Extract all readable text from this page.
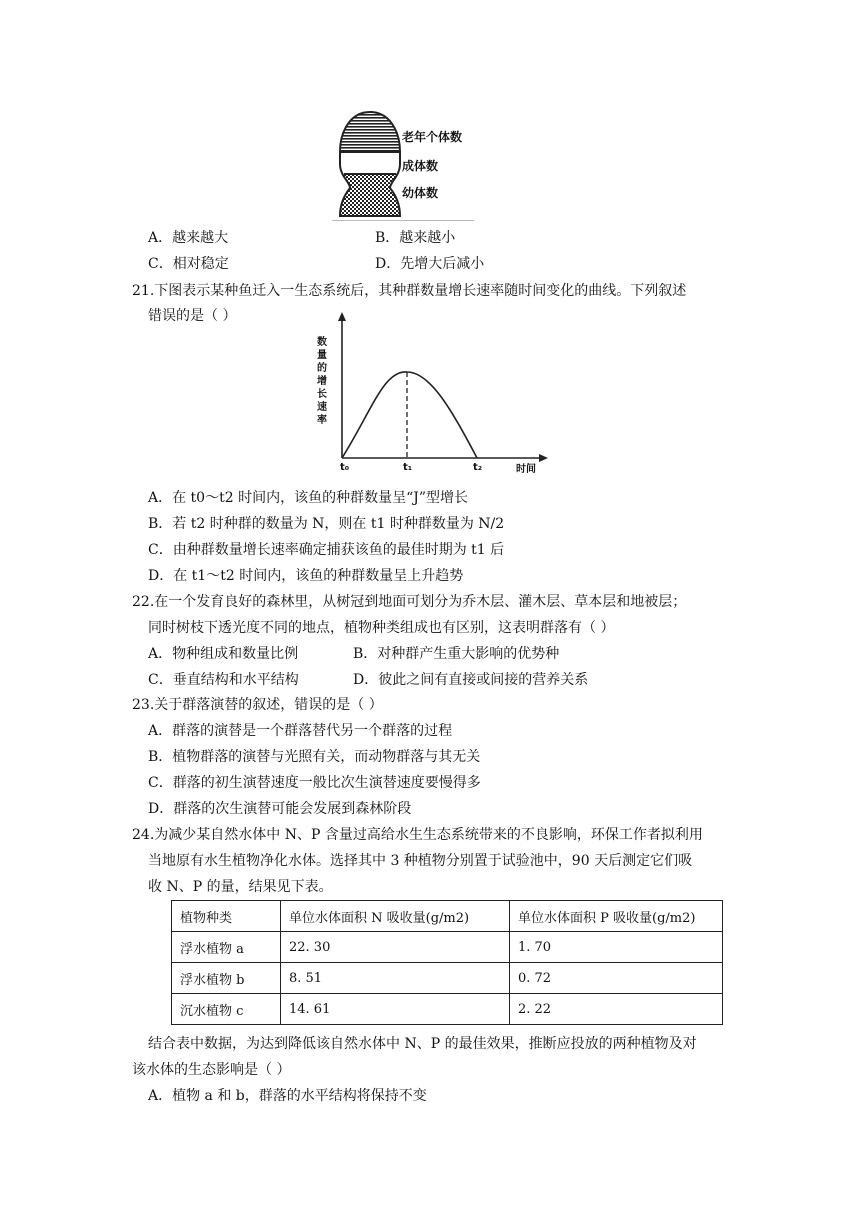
老年个体数
成体数
幼体数
A．越来越大	B．越来越小
C．相对稳定	D．先增大后减小
21.下图表示某种鱼迁入一生态系统后，其种群数量增长速率随时间变化的曲线。下列叙述
错误的是（ ）
数量的增长速率
t₀	t₁	t₂	时间
A．在 t0～t2 时间内，该鱼的种群数量呈“J”型增长
B．若 t2 时种群的数量为 N，则在 t1 时种群数量为 N/2
C．由种群数量增长速率确定捕获该鱼的最佳时期为 t1 后
D．在 t1～t2 时间内，该鱼的种群数量呈上升趋势
22.在一个发育良好的森林里，从树冠到地面可划分为乔木层、灌木层、草本层和地被层；
同时树枝下透光度不同的地点，植物种类组成也有区别，这表明群落有（ ）
A．物种组成和数量比例	B．对种群产生重大影响的优势种
C．垂直结构和水平结构	D．彼此之间有直接或间接的营养关系
23.关于群落演替的叙述，错误的是（ ）
A．群落的演替是一个群落替代另一个群落的过程
B．植物群落的演替与光照有关，而动物群落与其无关
C．群落的初生演替速度一般比次生演替速度要慢得多
D．群落的次生演替可能会发展到森林阶段
24.为减少某自然水体中 N、P 含量过高给水生生态系统带来的不良影响，环保工作者拟利用
当地原有水生植物净化水体。选择其中 3 种植物分别置于试验池中，90 天后测定它们吸
收 N、P 的量，结果见下表。
植物种类	单位水体面积 N 吸收量(g/m2)	单位水体面积 P 吸收量(g/m2)
浮水植物 a	22. 30	1. 70
浮水植物 b	8. 51	0. 72
沉水植物 c	14. 61	2. 22
结合表中数据，为达到降低该自然水体中 N、P 的最佳效果，推断应投放的两种植物及对
该水体的生态影响是（ ）
A．植物 a 和 b，群落的水平结构将保持不变
